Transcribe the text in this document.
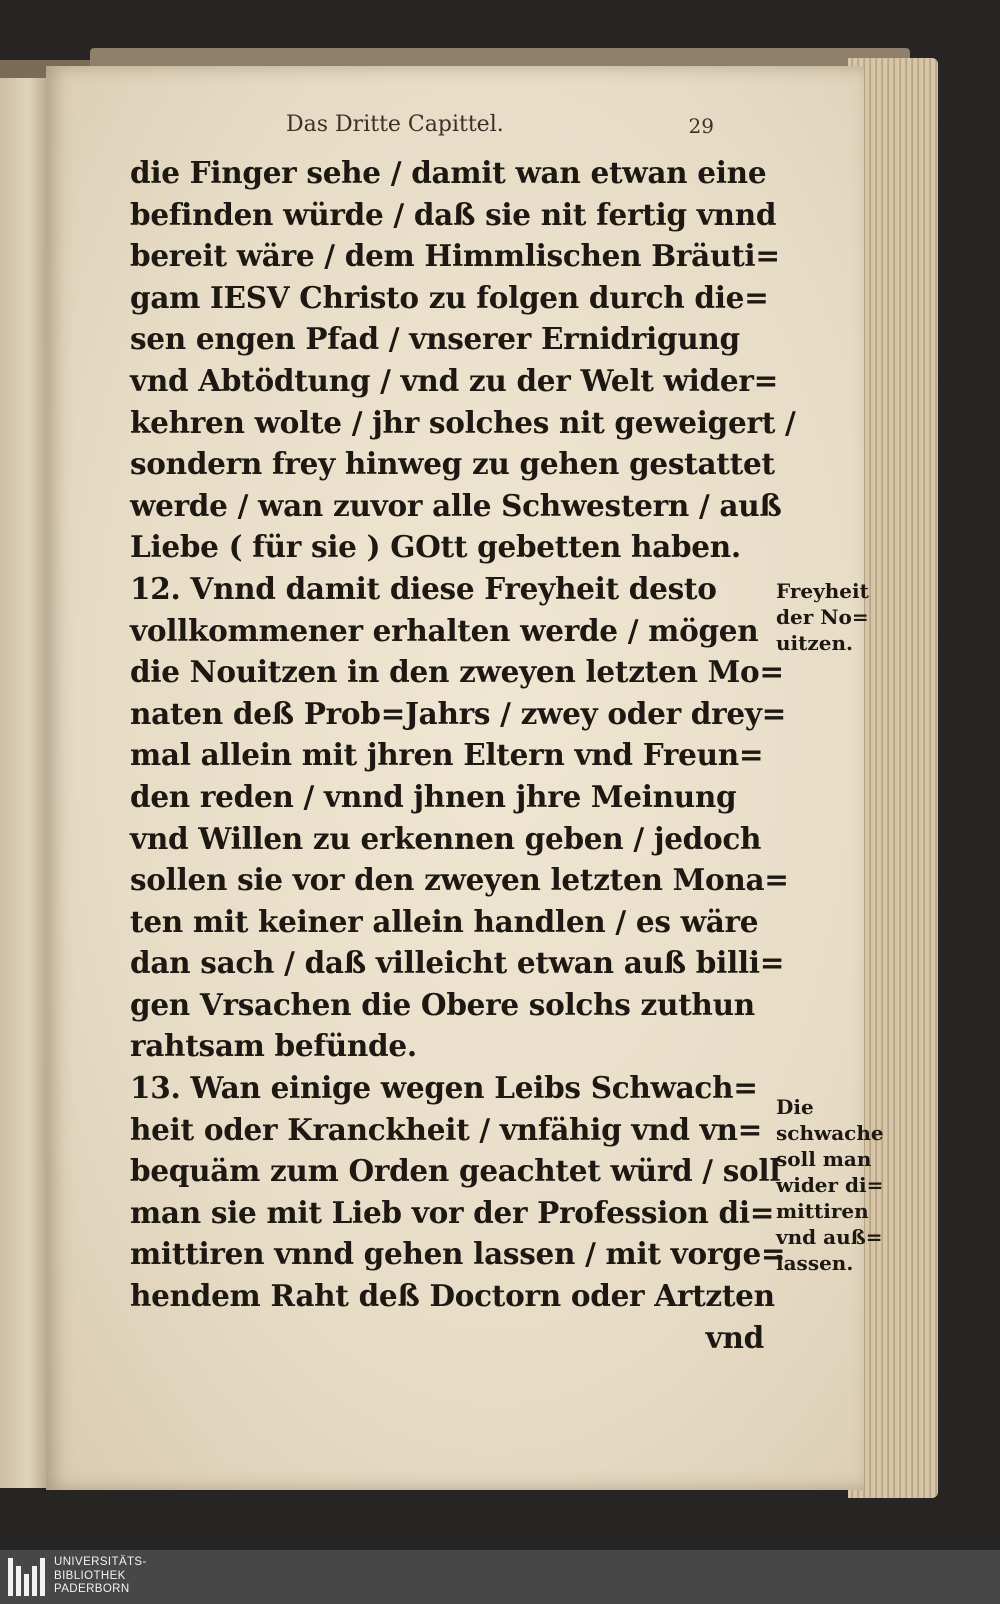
Das Dritte Capittel.	29
die Finger sehe / damit wan etwan eine
befinden würde / daß sie nit fertig vnnd
bereit wäre / dem Himmlischen Bräuti=
gam IESV Christo zu folgen durch die=
sen engen Pfad / vnserer Ernidrigung
vnd Abtödtung / vnd zu der Welt wider=
kehren wolte / jhr solches nit geweigert /
sondern frey hinweg zu gehen gestattet
werde / wan zuvor alle Schwestern / auß
Liebe ( für sie ) GOtt gebetten haben.
12. Vnnd damit diese Freyheit desto
vollkommener erhalten werde / mögen
die Nouitzen in den zweyen letzten Mo=
naten deß Prob=Jahrs / zwey oder drey=
mal allein mit jhren Eltern vnd Freun=
den reden / vnnd jhnen jhre Meinung
vnd Willen zu erkennen geben / jedoch
sollen sie vor den zweyen letzten Mona=
ten mit keiner allein handlen / es wäre
dan sach / daß villeicht etwan auß billi=
gen Vrsachen die Obere solchs zuthun
rahtsam befünde.
13. Wan einige wegen Leibs Schwach=
heit oder Kranckheit / vnfähig vnd vn=
bequäm zum Orden geachtet würd / soll
man sie mit Lieb vor der Profession di=
mittiren vnnd gehen lassen / mit vorge=
hendem Raht deß Doctorn oder Artzten
vnd
Freyheit
der No=
uitzen.
Die
schwache
soll man
wider di=
mittiren
vnd auß=
lassen.
UNIVERSITÄTS-
BIBLIOTHEK
PADERBORN
